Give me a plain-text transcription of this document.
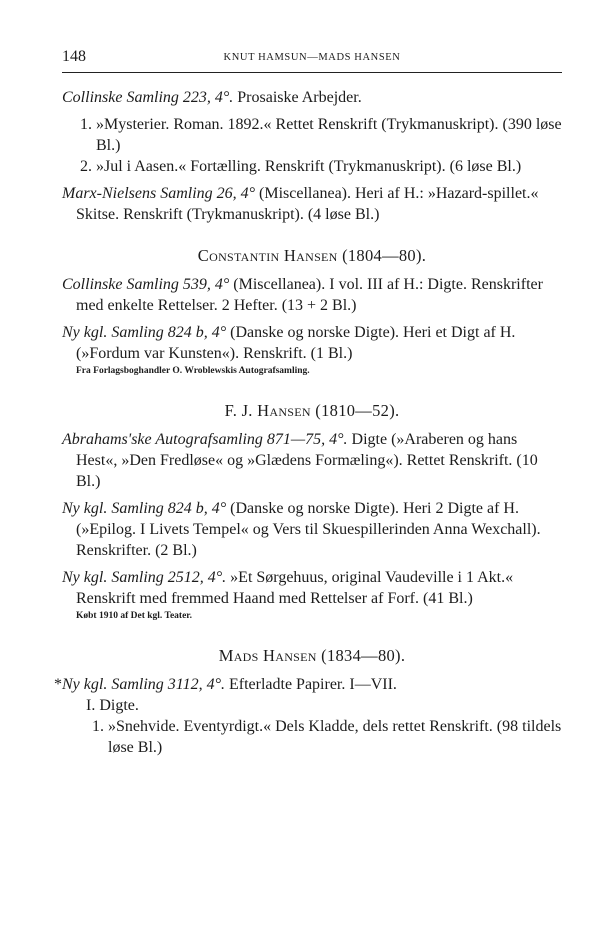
148	KNUT HAMSUN—MADS HANSEN

Collinske Samling 223, 4°. Prosaiske Arbejder.

1. »Mysterier. Roman. 1892.« Rettet Renskrift (Trykmanuskript). (390 løse Bl.)

2. »Jul i Aasen.« Fortælling. Renskrift (Trykmanuskript). (6 løse Bl.)

Marx-Nielsens Samling 26, 4° (Miscellanea). Heri af H.: »Hazard-spillet.« Skitse. Renskrift (Trykmanuskript). (4 løse Bl.)

Constantin Hansen (1804—80).

Collinske Samling 539, 4° (Miscellanea). I vol. III af H.: Digte. Renskrifter med enkelte Rettelser. 2 Hefter. (13 + 2 Bl.)

Ny kgl. Samling 824 b, 4° (Danske og norske Digte). Heri et Digt af H. (»Fordum var Kunsten«). Renskrift. (1 Bl.)

Fra Forlagsboghandler O. Wroblewskis Autografsamling.

F. J. Hansen (1810—52).

Abrahams'ske Autografsamling 871—75, 4°. Digte (»Araberen og hans Hest«, »Den Fredløse« og »Glædens Formæling«). Rettet Renskrift. (10 Bl.)

Ny kgl. Samling 824 b, 4° (Danske og norske Digte). Heri 2 Digte af H. (»Epilog. I Livets Tempel« og Vers til Skuespillerinden Anna Wexchall). Renskrifter. (2 Bl.)

Ny kgl. Samling 2512, 4°. »Et Sørgehuus, original Vaudeville i 1 Akt.« Renskrift med fremmed Haand med Rettelser af Forf. (41 Bl.)

Købt 1910 af Det kgl. Teater.

Mads Hansen (1834—80).

*Ny kgl. Samling 3112, 4°. Efterladte Papirer. I—VII.

I. Digte.

1. »Snehvide. Eventyrdigt.« Dels Kladde, dels rettet Renskrift. (98 tildels løse Bl.)
